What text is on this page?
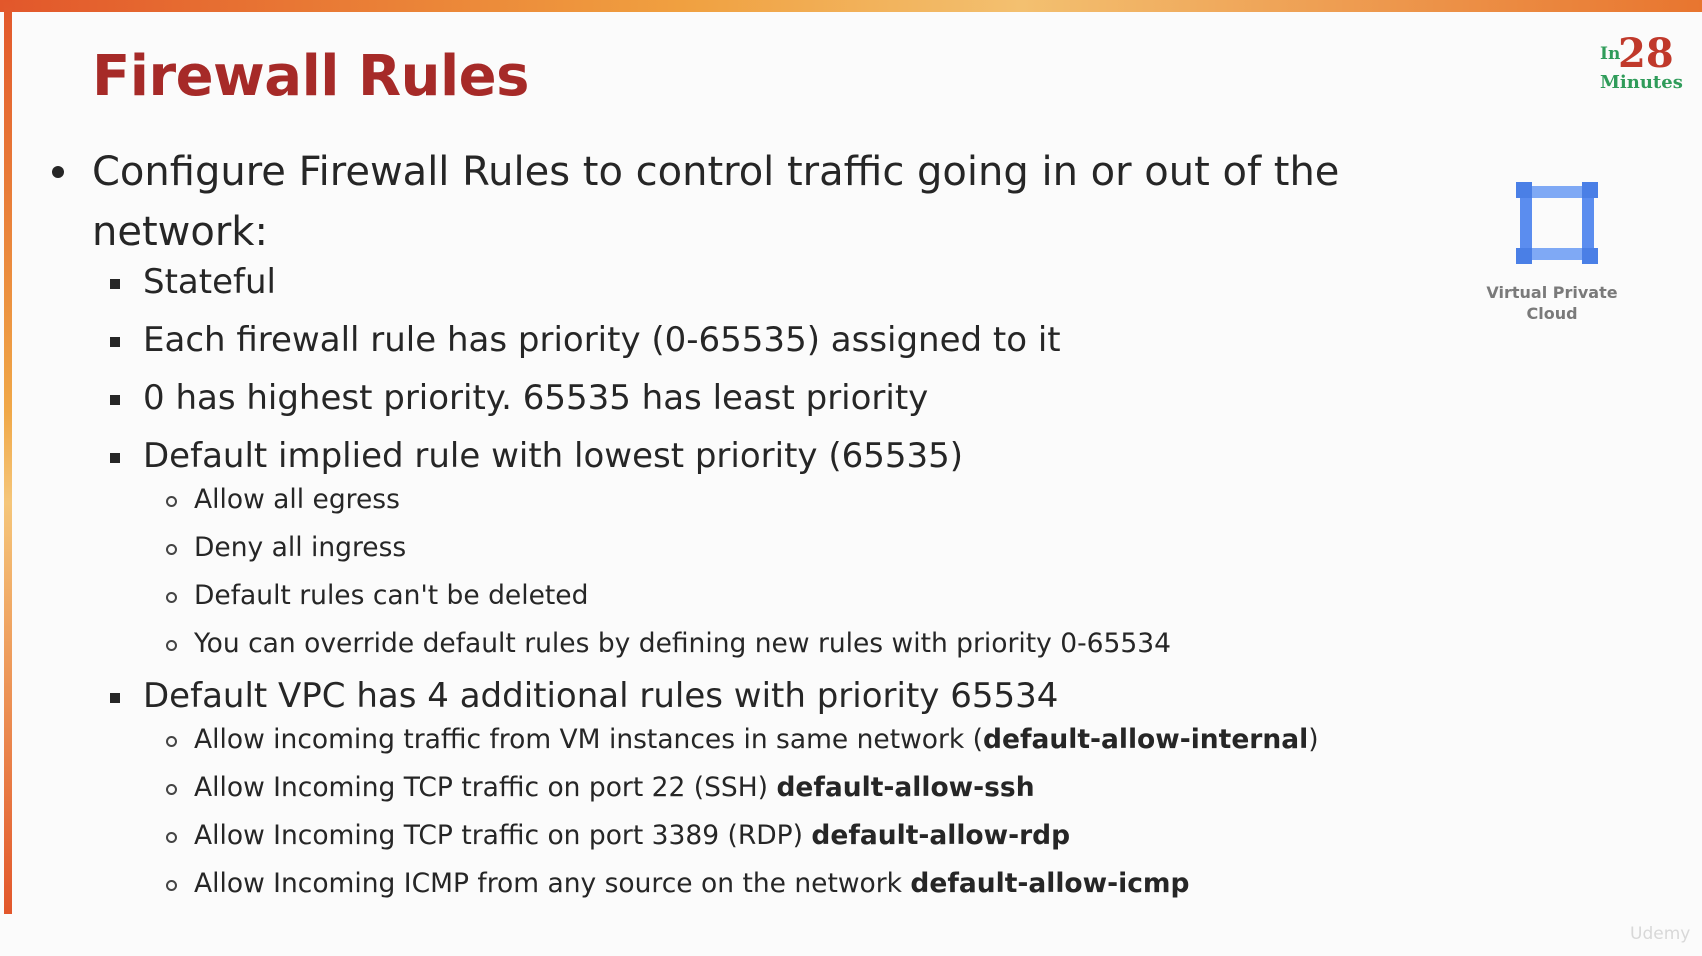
Firewall Rules	In
28
Minutes
Virtual Private
Cloud
Configure Firewall Rules to control traffic going in or out of the
network:
Stateful
Each firewall rule has priority (0-65535) assigned to it
0 has highest priority. 65535 has least priority
Default implied rule with lowest priority (65535)
Allow all egress
Deny all ingress
Default rules can't be deleted
You can override default rules by defining new rules with priority 0-65534
Default VPC has 4 additional rules with priority 65534
Allow incoming traffic from VM instances in same network (default-allow-internal)
Allow Incoming TCP traffic on port 22 (SSH) default-allow-ssh
Allow Incoming TCP traffic on port 3389 (RDP) default-allow-rdp
Allow Incoming ICMP from any source on the network default-allow-icmp
Udemy
